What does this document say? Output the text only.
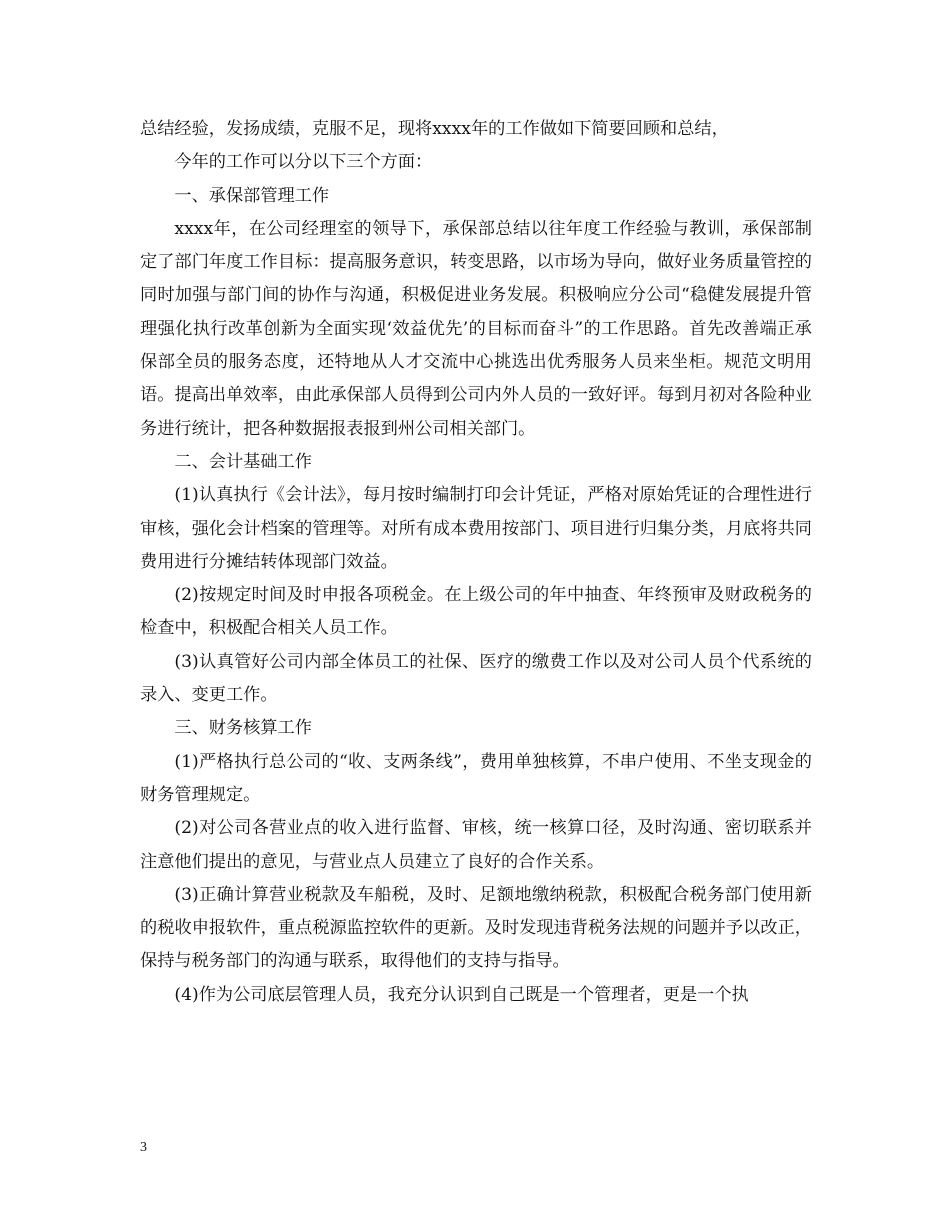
总结经验，发扬成绩，克服不足，现将xxxx年的工作做如下简要回顾和总结，

今年的工作可以分以下三个方面：

一、承保部管理工作

xxxx年，在公司经理室的领导下，承保部总结以往年度工作经验与教训，承保部制定了部门年度工作目标：提高服务意识，转变思路，以市场为导向，做好业务质量管控的同时加强与部门间的协作与沟通，积极促进业务发展。积极响应分公司“稳健发展提升管理强化执行改革创新为全面实现‘效益优先’的目标而奋斗”的工作思路。首先改善端正承保部全员的服务态度，还特地从人才交流中心挑选出优秀服务人员来坐柜。规范文明用语。提高出单效率，由此承保部人员得到公司内外人员的一致好评。每到月初对各险种业务进行统计，把各种数据报表报到州公司相关部门。

二、会计基础工作

(1)认真执行《会计法》，每月按时编制打印会计凭证，严格对原始凭证的合理性进行审核，强化会计档案的管理等。对所有成本费用按部门、项目进行归集分类，月底将共同费用进行分摊结转体现部门效益。

(2)按规定时间及时申报各项税金。在上级公司的年中抽查、年终预审及财政税务的检查中，积极配合相关人员工作。

(3)认真管好公司内部全体员工的社保、医疗的缴费工作以及对公司人员个代系统的录入、变更工作。

三、财务核算工作

(1)严格执行总公司的“收、支两条线”，费用单独核算，不串户使用、不坐支现金的财务管理规定。

(2)对公司各营业点的收入进行监督、审核，统一核算口径，及时沟通、密切联系并注意他们提出的意见，与营业点人员建立了良好的合作关系。

(3)正确计算营业税款及车船税，及时、足额地缴纳税款，积极配合税务部门使用新的税收申报软件，重点税源监控软件的更新。及时发现违背税务法规的问题并予以改正，保持与税务部门的沟通与联系，取得他们的支持与指导。

(4)作为公司底层管理人员，我充分认识到自己既是一个管理者，更是一个执

3
